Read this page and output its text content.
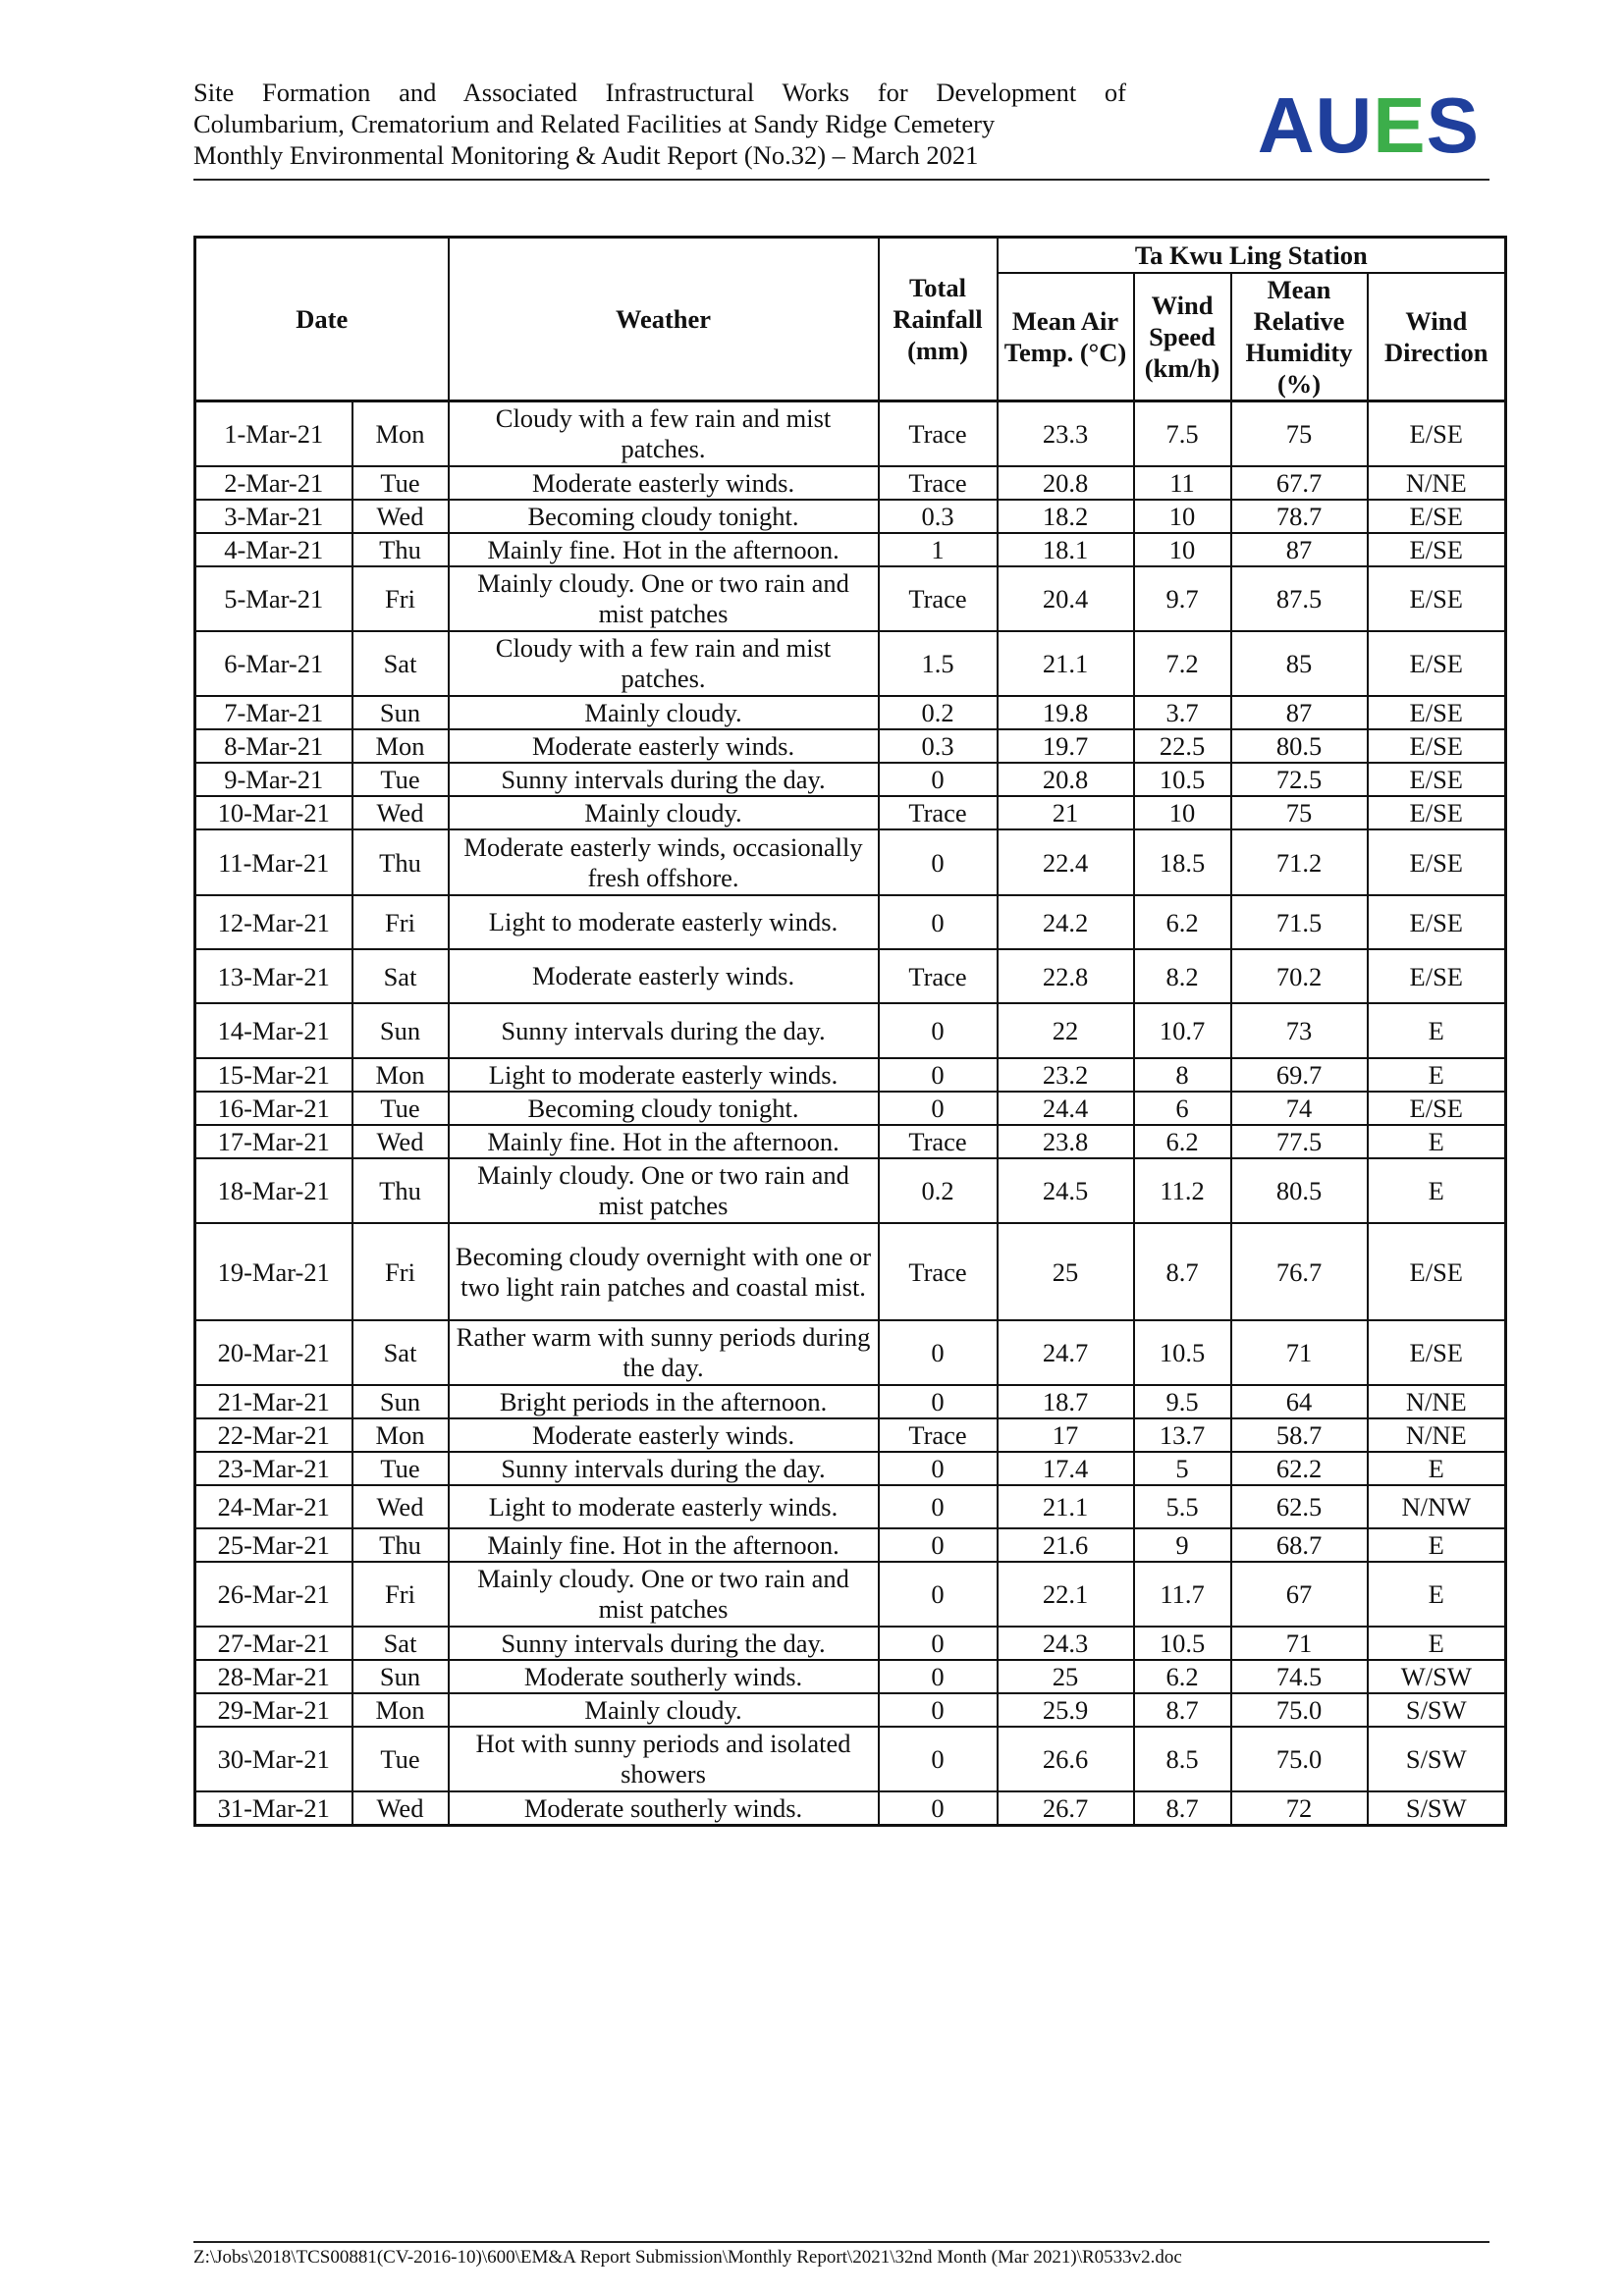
Site Formation and Associated Infrastructural Works for Development of
Columbarium, Crematorium and Related Facilities at Sandy Ridge Cemetery
Monthly Environmental Monitoring & Audit Report (No.32) – March 2021	AUES
Date		Weather	Total Rainfall (mm)	Ta Kwu Ling Station			
				Mean Air Temp. (°C)	Wind Speed (km/h)	Mean Relative Humidity (%)	Wind Direction
1-Mar-21	Mon	Cloudy with a few rain and mist patches.	Trace	23.3	7.5	75	E/SE
2-Mar-21	Tue	Moderate easterly winds.	Trace	20.8	11	67.7	N/NE
3-Mar-21	Wed	Becoming cloudy tonight.	0.3	18.2	10	78.7	E/SE
4-Mar-21	Thu	Mainly fine. Hot in the afternoon.	1	18.1	10	87	E/SE
5-Mar-21	Fri	Mainly cloudy. One or two rain and mist patches	Trace	20.4	9.7	87.5	E/SE
6-Mar-21	Sat	Cloudy with a few rain and mist patches.	1.5	21.1	7.2	85	E/SE
7-Mar-21	Sun	Mainly cloudy.	0.2	19.8	3.7	87	E/SE
8-Mar-21	Mon	Moderate easterly winds.	0.3	19.7	22.5	80.5	E/SE
9-Mar-21	Tue	Sunny intervals during the day.	0	20.8	10.5	72.5	E/SE
10-Mar-21	Wed	Mainly cloudy.	Trace	21	10	75	E/SE
11-Mar-21	Thu	Moderate easterly winds, occasionally fresh offshore.	0	22.4	18.5	71.2	E/SE
12-Mar-21	Fri	Light to moderate easterly winds.	0	24.2	6.2	71.5	E/SE
13-Mar-21	Sat	Moderate easterly winds.	Trace	22.8	8.2	70.2	E/SE
14-Mar-21	Sun	Sunny intervals during the day.	0	22	10.7	73	E
15-Mar-21	Mon	Light to moderate easterly winds.	0	23.2	8	69.7	E
16-Mar-21	Tue	Becoming cloudy tonight.	0	24.4	6	74	E/SE
17-Mar-21	Wed	Mainly fine. Hot in the afternoon.	Trace	23.8	6.2	77.5	E
18-Mar-21	Thu	Mainly cloudy. One or two rain and mist patches	0.2	24.5	11.2	80.5	E
19-Mar-21	Fri	Becoming cloudy overnight with one or two light rain patches and coastal mist.	Trace	25	8.7	76.7	E/SE
20-Mar-21	Sat	Rather warm with sunny periods during the day.	0	24.7	10.5	71	E/SE
21-Mar-21	Sun	Bright periods in the afternoon.	0	18.7	9.5	64	N/NE
22-Mar-21	Mon	Moderate easterly winds.	Trace	17	13.7	58.7	N/NE
23-Mar-21	Tue	Sunny intervals during the day.	0	17.4	5	62.2	E
24-Mar-21	Wed	Light to moderate easterly winds.	0	21.1	5.5	62.5	N/NW
25-Mar-21	Thu	Mainly fine. Hot in the afternoon.	0	21.6	9	68.7	E
26-Mar-21	Fri	Mainly cloudy. One or two rain and mist patches	0	22.1	11.7	67	E
27-Mar-21	Sat	Sunny intervals during the day.	0	24.3	10.5	71	E
28-Mar-21	Sun	Moderate southerly winds.	0	25	6.2	74.5	W/SW
29-Mar-21	Mon	Mainly cloudy.	0	25.9	8.7	75.0	S/SW
30-Mar-21	Tue	Hot with sunny periods and isolated showers	0	26.6	8.5	75.0	S/SW
31-Mar-21	Wed	Moderate southerly winds.	0	26.7	8.7	72	S/SW
Z:\Jobs\2018\TCS00881(CV-2016-10)\600\EM&A Report Submission\Monthly Report\2021\32nd Month (Mar 2021)\R0533v2.doc
